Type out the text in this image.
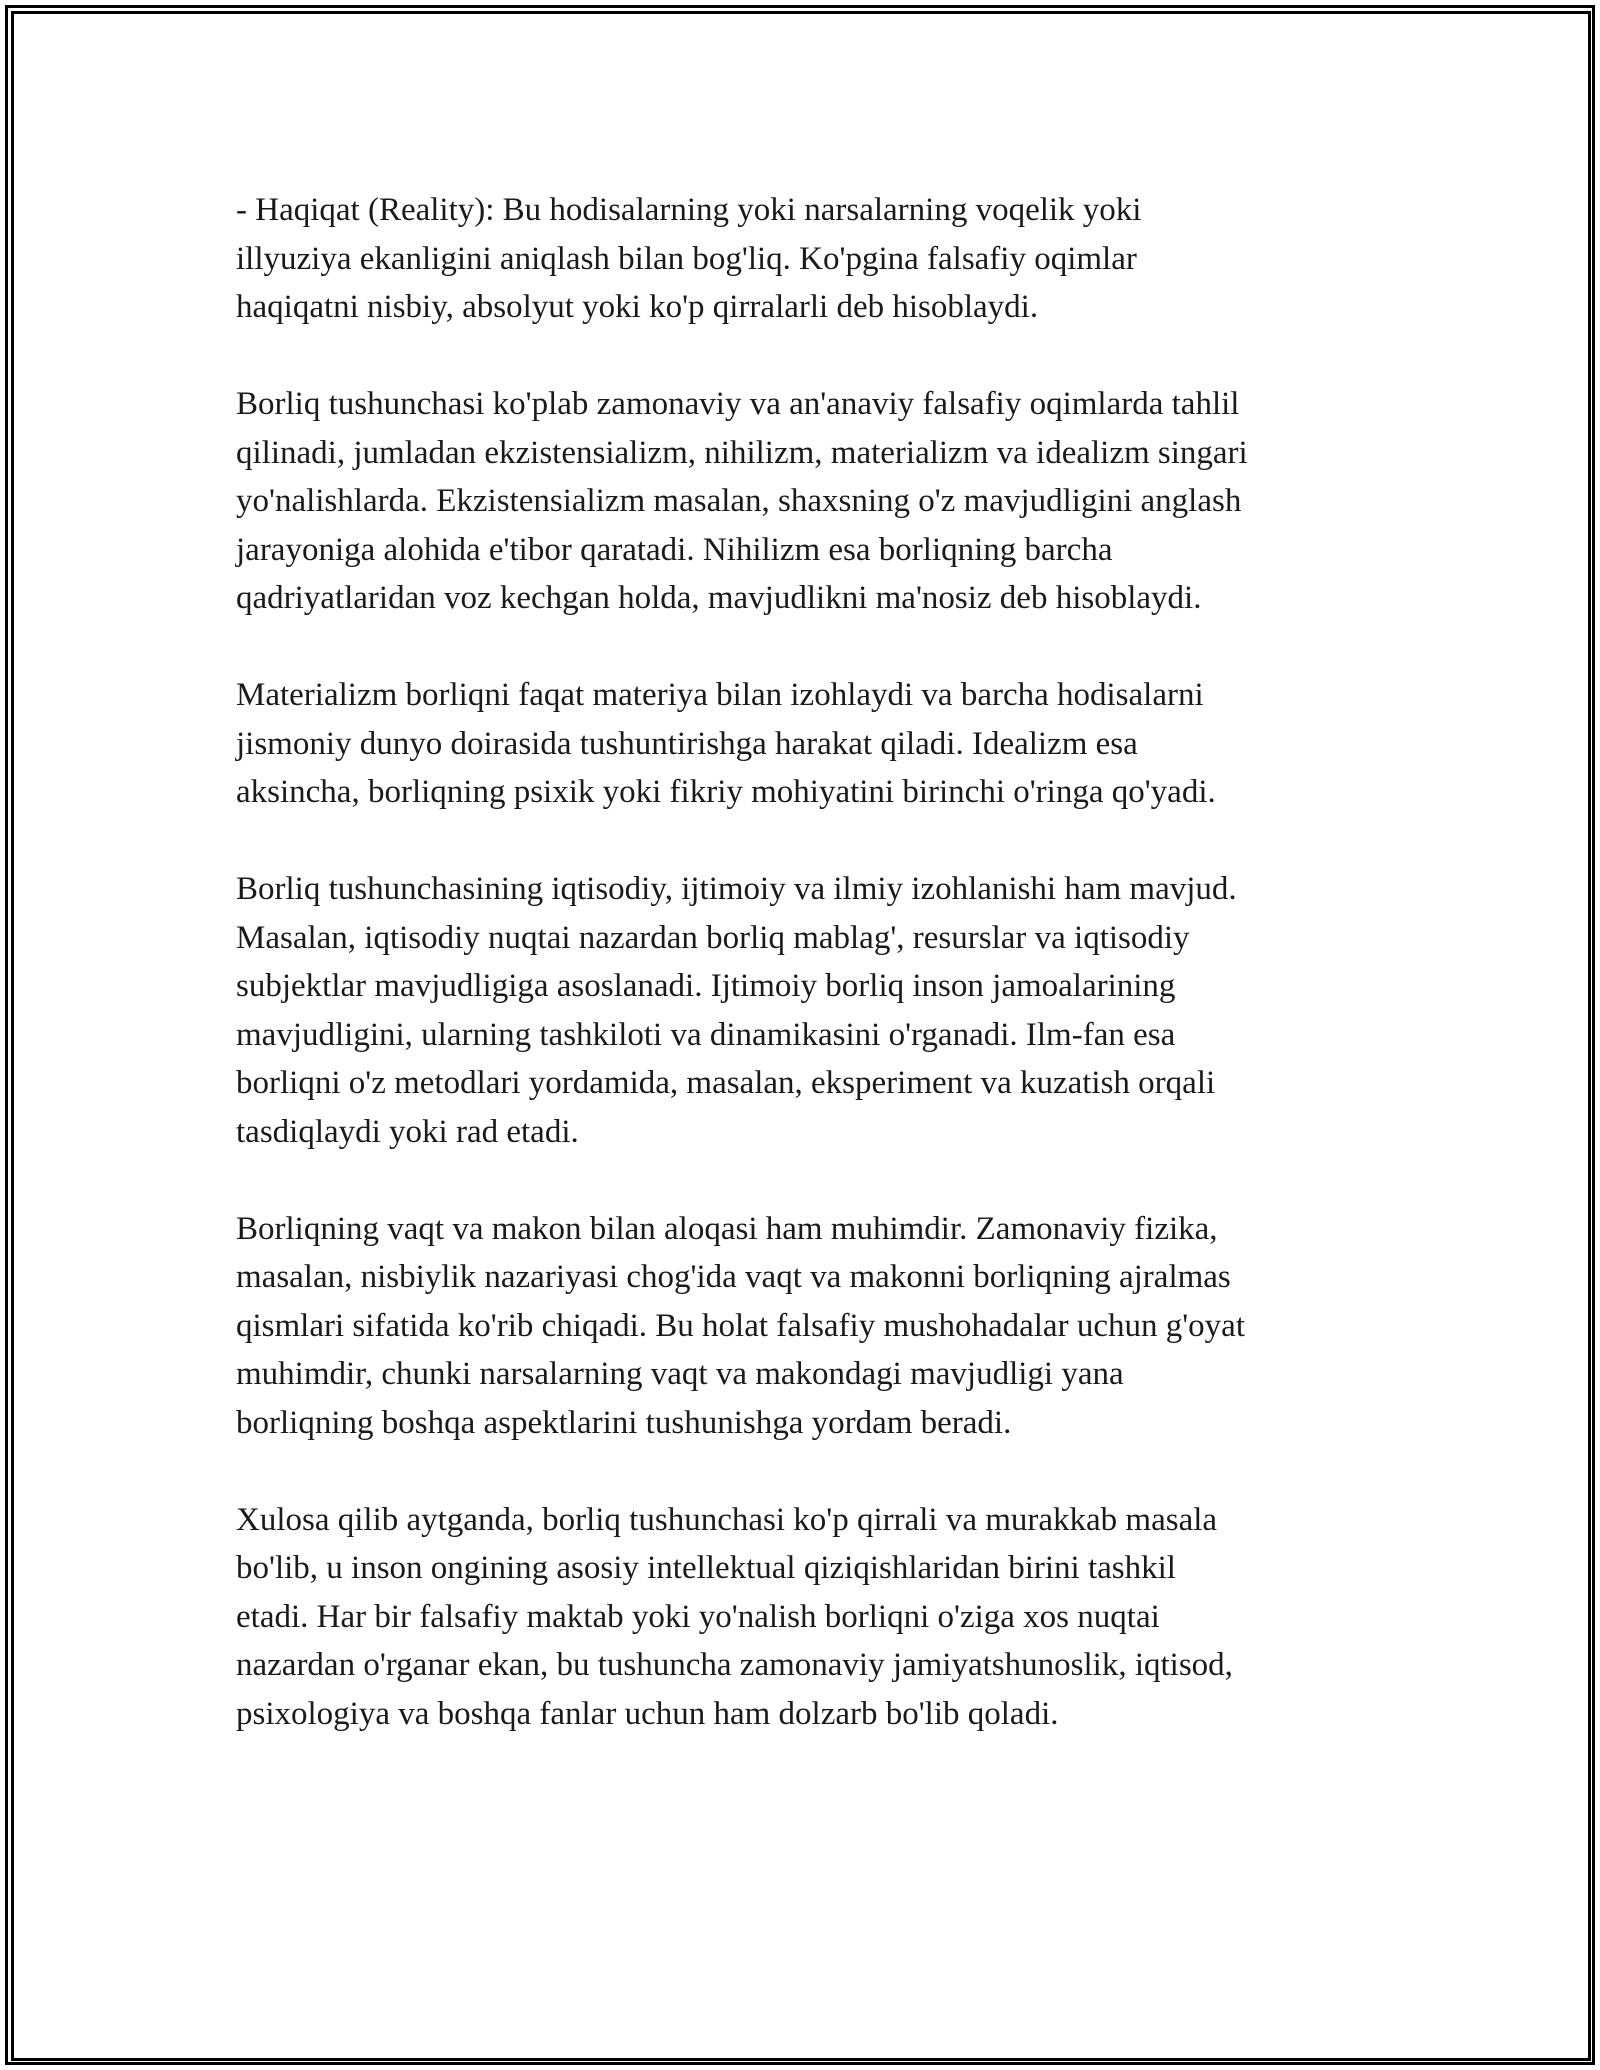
- Haqiqat (Reality): Bu hodisalarning yoki narsalarning voqelik yoki
illyuziya ekanligini aniqlash bilan bog'liq. Ko'pgina falsafiy oqimlar
haqiqatni nisbiy, absolyut yoki ko'p qirralarli deb hisoblaydi.

Borliq tushunchasi ko'plab zamonaviy va an'anaviy falsafiy oqimlarda tahlil
qilinadi, jumladan ekzistensializm, nihilizm, materializm va idealizm singari
yo'nalishlarda. Ekzistensializm masalan, shaxsning o'z mavjudligini anglash
jarayoniga alohida e'tibor qaratadi. Nihilizm esa borliqning barcha
qadriyatlaridan voz kechgan holda, mavjudlikni ma'nosiz deb hisoblaydi.

Materializm borliqni faqat materiya bilan izohlaydi va barcha hodisalarni
jismoniy dunyo doirasida tushuntirishga harakat qiladi. Idealizm esa
aksincha, borliqning psixik yoki fikriy mohiyatini birinchi o'ringa qo'yadi.

Borliq tushunchasining iqtisodiy, ijtimoiy va ilmiy izohlanishi ham mavjud.
Masalan, iqtisodiy nuqtai nazardan borliq mablag', resurslar va iqtisodiy
subjektlar mavjudligiga asoslanadi. Ijtimoiy borliq inson jamoalarining
mavjudligini, ularning tashkiloti va dinamikasini o'rganadi. Ilm-fan esa
borliqni o'z metodlari yordamida, masalan, eksperiment va kuzatish orqali
tasdiqlaydi yoki rad etadi.

Borliqning vaqt va makon bilan aloqasi ham muhimdir. Zamonaviy fizika,
masalan, nisbiylik nazariyasi chog'ida vaqt va makonni borliqning ajralmas
qismlari sifatida ko'rib chiqadi. Bu holat falsafiy mushohadalar uchun g'oyat
muhimdir, chunki narsalarning vaqt va makondagi mavjudligi yana
borliqning boshqa aspektlarini tushunishga yordam beradi.

Xulosa qilib aytganda, borliq tushunchasi ko'p qirrali va murakkab masala
bo'lib, u inson ongining asosiy intellektual qiziqishlaridan birini tashkil
etadi. Har bir falsafiy maktab yoki yo'nalish borliqni o'ziga xos nuqtai
nazardan o'rganar ekan, bu tushuncha zamonaviy jamiyatshunoslik, iqtisod,
psixologiya va boshqa fanlar uchun ham dolzarb bo'lib qoladi.
